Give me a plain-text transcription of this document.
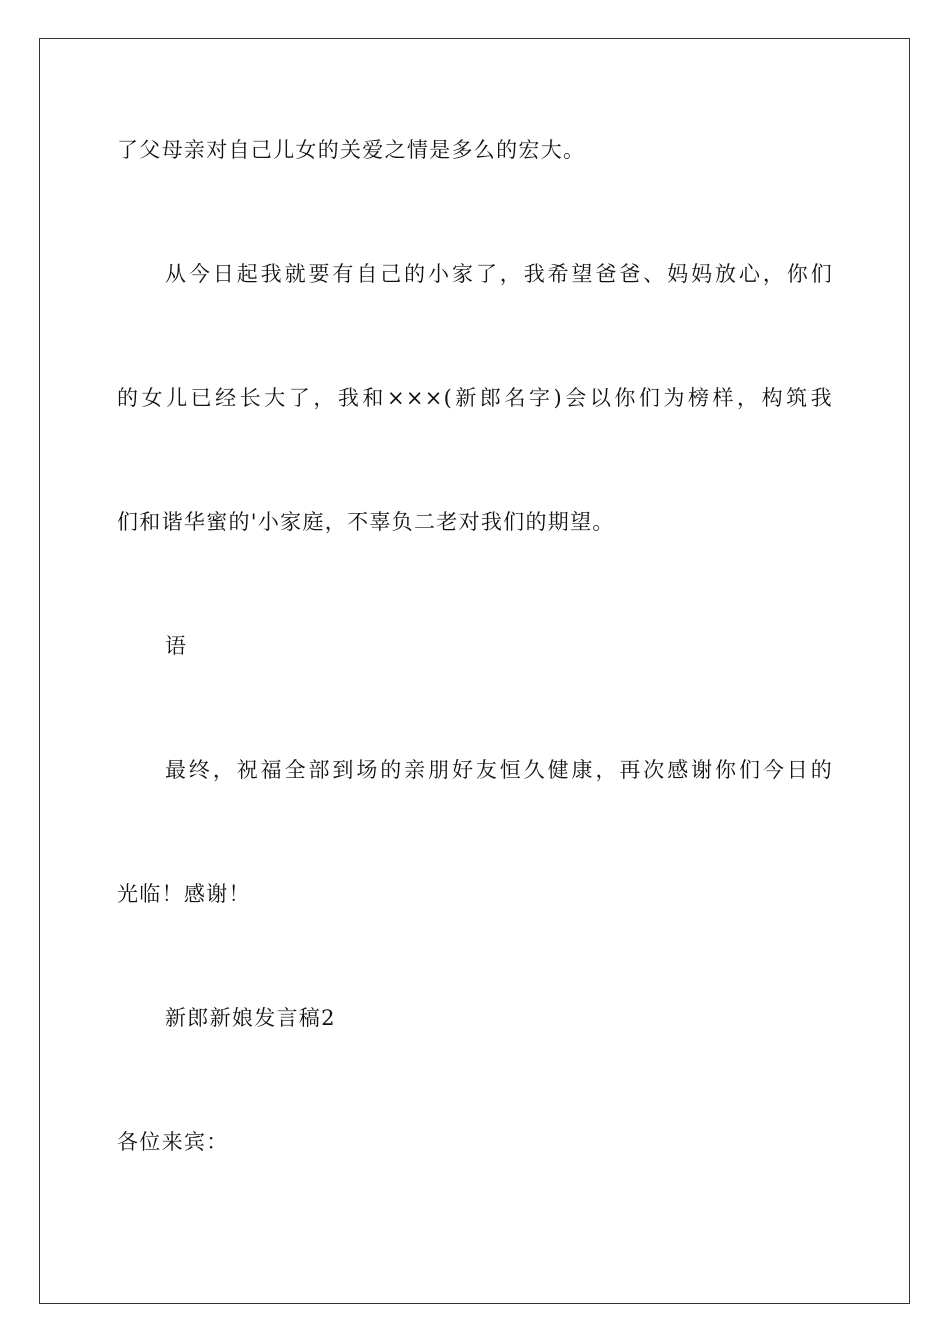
了父母亲对自己儿女的关爱之情是多么的宏大。
从今日起我就要有自己的小家了，我希望爸爸、妈妈放心，你们
的女儿已经长大了，我和×××(新郎名字)会以你们为榜样，构筑我
们和谐华蜜的'小家庭，不辜负二老对我们的期望。
语
最终，祝福全部到场的亲朋好友恒久健康，再次感谢你们今日的
光临！感谢！
新郎新娘发言稿2
各位来宾：
